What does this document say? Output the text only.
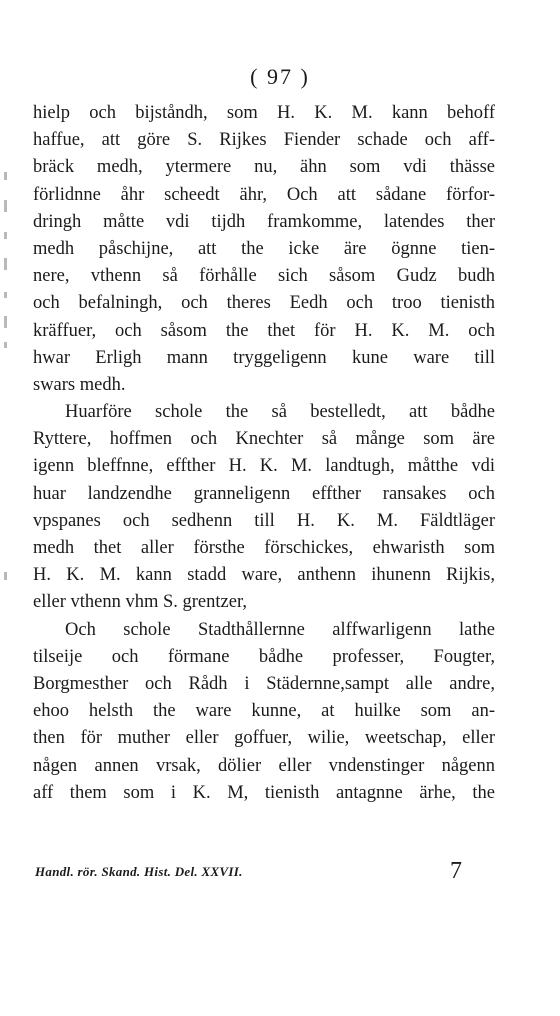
( 97 )
hielp och bijståndh, som H. K. M. kann behoff
haffue, att göre S. Rijkes Fiender schade och aff-
bräck medh, ytermere nu, ähn som vdi thässe
förlidnne åhr scheedt ähr, Och att sådane förfor-
dringh måtte vdi tijdh framkomme, latendes ther
medh påschijne, att the icke äre ögnne tien-
nere, vthenn så förhålle sich såsom Gudz budh
och befalningh, och theres Eedh och troo tienisth
kräffuer, och såsom the thet för H. K. M. och
hwar Erligh mann tryggeligenn kune ware till
swars medh.
Huarföre schole the så bestelledt, att bådhe
Ryttere, hoffmen och Knechter så månge som äre
igenn bleffnne, effther H. K. M. landtugh, måtthe vdi
huar landzendhe granneligenn effther ransakes och
vpspanes och sedhenn till H. K. M. Fäldtläger
medh thet aller försthe förschickes, ehwaristh som
H. K. M. kann stadd ware, anthenn ihunenn Rijkis,
eller vthenn vhm S. grentzer,
Och schole Stadthållernne alffwarligenn lathe
tilseije och förmane bådhe professer, Fougter,
Borgmesther och Rådh i Städernne,sampt alle andre,
ehoo helsth the ware kunne, at huilke som an-
then för muther eller goffuer, wilie, weetschap, eller
någen annen vrsak, dölier eller vndenstinger någenn
aff them som i K. M, tienisth antagnne ärhe, the
Handl. rör. Skand. Hist. Del. XXVII.	7
